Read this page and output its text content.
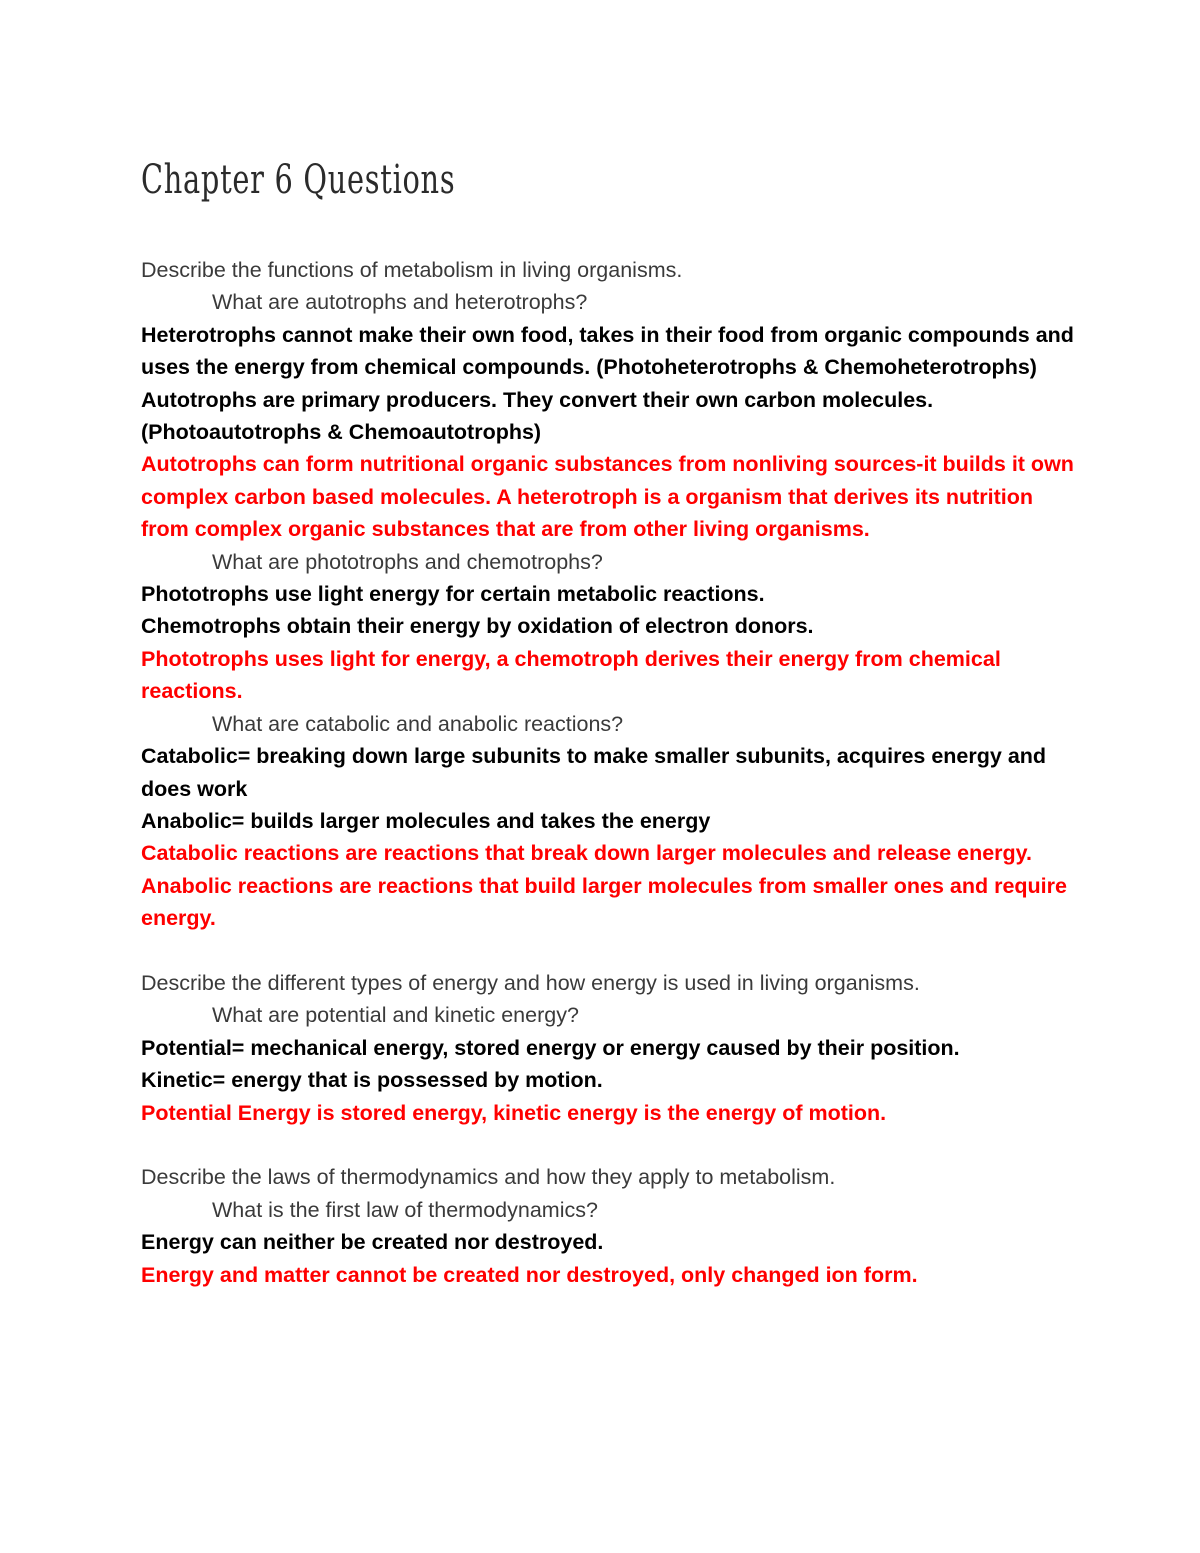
Chapter 6 Questions

Describe the functions of metabolism in living organisms.

What are autotrophs and heterotrophs?

Heterotrophs cannot make their own food, takes in their food from organic compounds and uses the energy from chemical compounds. (Photoheterotrophs & Chemoheterotrophs)

Autotrophs are primary producers. They convert their own carbon molecules. (Photoautotrophs & Chemoautotrophs)

Autotrophs can form nutritional organic substances from nonliving sources-it builds it own complex carbon based molecules. A heterotroph is a organism that derives its nutrition from complex organic substances that are from other living organisms.

What are phototrophs and chemotrophs?

Phototrophs use light energy for certain metabolic reactions.

Chemotrophs obtain their energy by oxidation of electron donors.

Phototrophs uses light for energy, a chemotroph derives their energy from chemical reactions.

What are catabolic and anabolic reactions?

Catabolic= breaking down large subunits to make smaller subunits, acquires energy and does work

Anabolic= builds larger molecules and takes the energy

Catabolic reactions are reactions that break down larger molecules and release energy. Anabolic reactions are reactions that build larger molecules from smaller ones and require energy.

Describe the different types of energy and how energy is used in living organisms.

What are potential and kinetic energy?

Potential= mechanical energy, stored energy or energy caused by their position.

Kinetic= energy that is possessed by motion.

Potential Energy is stored energy, kinetic energy is the energy of motion.

Describe the laws of thermodynamics and how they apply to metabolism.

What is the first law of thermodynamics?

Energy can neither be created nor destroyed.

Energy and matter cannot be created nor destroyed, only changed ion form.
